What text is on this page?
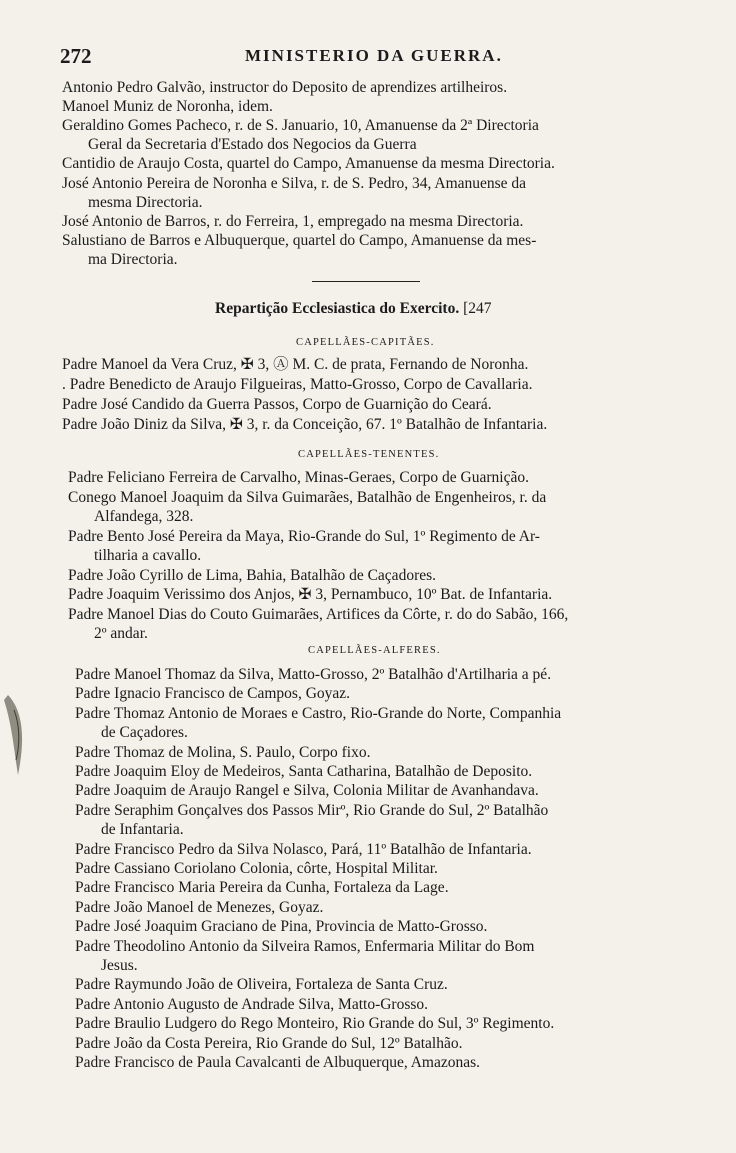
272	MINISTERIO DA GUERRA.
Antonio Pedro Galvão, instructor do Deposito de aprendizes artilheiros.
Manoel Muniz de Noronha, idem.
Geraldino Gomes Pacheco, r. de S. Januario, 10, Amanuense da 2ª Directoria
Geral da Secretaria d'Estado dos Negocios da Guerra
Cantidio de Araujo Costa, quartel do Campo, Amanuense da mesma Directoria.
José Antonio Pereira de Noronha e Silva, r. de S. Pedro, 34, Amanuense da
mesma Directoria.
José Antonio de Barros, r. do Ferreira, 1, empregado na mesma Directoria.
Salustiano de Barros e Albuquerque, quartel do Campo, Amanuense da mes-
ma Directoria.
Repartição Ecclesiastica do Exercito. [247
CAPELLÃES-CAPITÃES.
Padre Manoel da Vera Cruz, ✠ 3, Ⓐ M. C. de prata, Fernando de Noronha.
. Padre Benedicto de Araujo Filgueiras, Matto-Grosso, Corpo de Cavallaria.
Padre José Candido da Guerra Passos, Corpo de Guarnição do Ceará.
Padre João Diniz da Silva, ✠ 3, r. da Conceição, 67. 1º Batalhão de Infantaria.
CAPELLÃES-TENENTES.
Padre Feliciano Ferreira de Carvalho, Minas-Geraes, Corpo de Guarnição.
Conego Manoel Joaquim da Silva Guimarães, Batalhão de Engenheiros, r. da
Alfandega, 328.
Padre Bento José Pereira da Maya, Rio-Grande do Sul, 1º Regimento de Ar-
tilharia a cavallo.
Padre João Cyrillo de Lima, Bahia, Batalhão de Caçadores.
Padre Joaquim Verissimo dos Anjos, ✠ 3, Pernambuco, 10º Bat. de Infantaria.
Padre Manoel Dias do Couto Guimarães, Artifices da Côrte, r. do do Sabão, 166,
2º andar.
CAPELLÃES-ALFERES.
Padre Manoel Thomaz da Silva, Matto-Grosso, 2º Batalhão d'Artilharia a pé.
Padre Ignacio Francisco de Campos, Goyaz.
Padre Thomaz Antonio de Moraes e Castro, Rio-Grande do Norte, Companhia
de Caçadores.
Padre Thomaz de Molina, S. Paulo, Corpo fixo.
Padre Joaquim Eloy de Medeiros, Santa Catharina, Batalhão de Deposito.
Padre Joaquim de Araujo Rangel e Silva, Colonia Militar de Avanhandava.
Padre Seraphim Gonçalves dos Passos Mirº, Rio Grande do Sul, 2º Batalhão
de Infantaria.
Padre Francisco Pedro da Silva Nolasco, Pará, 11º Batalhão de Infantaria.
Padre Cassiano Coriolano Colonia, côrte, Hospital Militar.
Padre Francisco Maria Pereira da Cunha, Fortaleza da Lage.
Padre João Manoel de Menezes, Goyaz.
Padre José Joaquim Graciano de Pina, Provincia de Matto-Grosso.
Padre Theodolino Antonio da Silveira Ramos, Enfermaria Militar do Bom
Jesus.
Padre Raymundo João de Oliveira, Fortaleza de Santa Cruz.
Padre Antonio Augusto de Andrade Silva, Matto-Grosso.
Padre Braulio Ludgero do Rego Monteiro, Rio Grande do Sul, 3º Regimento.
Padre João da Costa Pereira, Rio Grande do Sul, 12º Batalhão.
Padre Francisco de Paula Cavalcanti de Albuquerque, Amazonas.
